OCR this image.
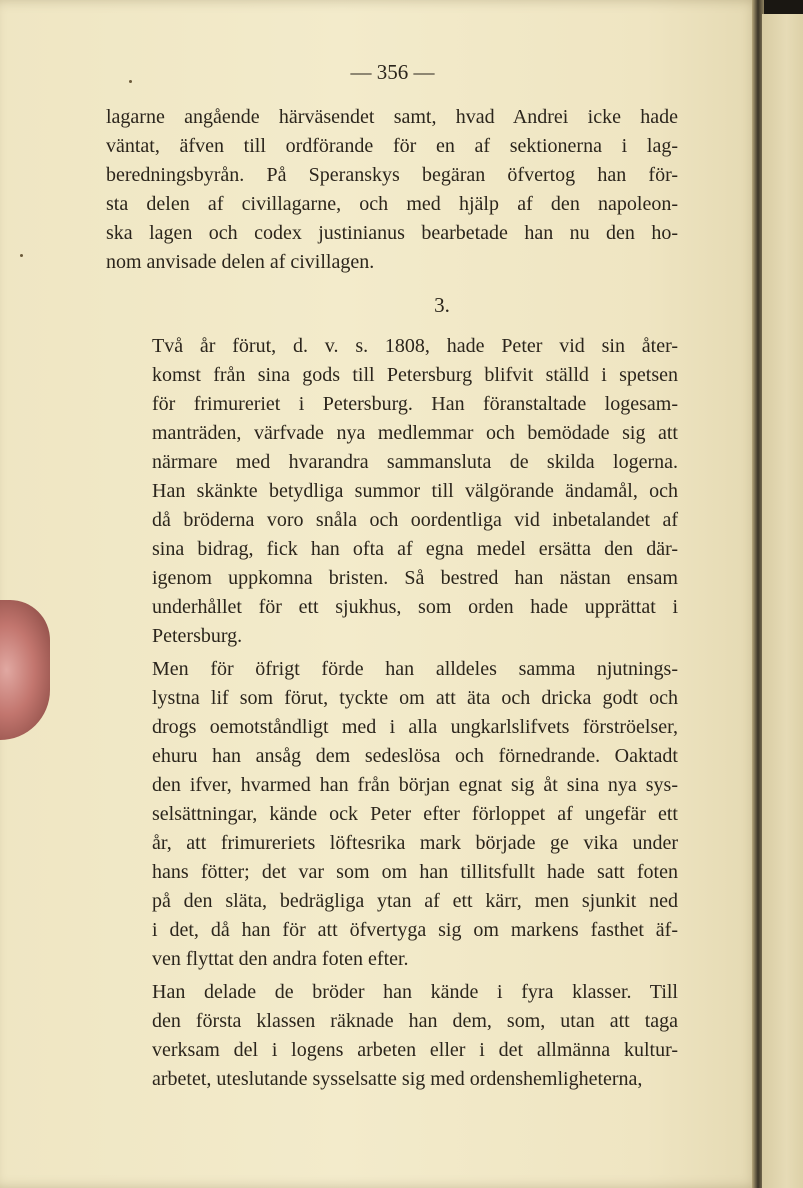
— 356 —

lagarne angående härväsendet samt, hvad Andrei icke hade
väntat, äfven till ordförande för en af sektionerna i lag-
beredningsbyrån. På Speranskys begäran öfvertog han för-
sta delen af civillagarne, och med hjälp af den napoleon-
ska lagen och codex justinianus bearbetade han nu den ho-
nom anvisade delen af civillagen.

3.

Två år förut, d. v. s. 1808, hade Peter vid sin åter-
komst från sina gods till Petersburg blifvit ställd i spetsen
för frimureriet i Petersburg. Han föranstaltade logesam-
manträden, värfvade nya medlemmar och bemödade sig att
närmare med hvarandra sammansluta de skilda logerna.
Han skänkte betydliga summor till välgörande ändamål, och
då bröderna voro snåla och oordentliga vid inbetalandet af
sina bidrag, fick han ofta af egna medel ersätta den där-
igenom uppkomna bristen. Så bestred han nästan ensam
underhållet för ett sjukhus, som orden hade upprättat i
Petersburg.

Men för öfrigt förde han alldeles samma njutnings-
lystna lif som förut, tyckte om att äta och dricka godt och
drogs oemotståndligt med i alla ungkarlslifvets förströelser,
ehuru han ansåg dem sedeslösa och förnedrande. Oaktadt
den ifver, hvarmed han från början egnat sig åt sina nya sys-
selsättningar, kände ock Peter efter förloppet af ungefär ett
år, att frimureriets löftesrika mark började ge vika under
hans fötter; det var som om han tillitsfullt hade satt foten
på den släta, bedrägliga ytan af ett kärr, men sjunkit ned
i det, då han för att öfvertyga sig om markens fasthet äf-
ven flyttat den andra foten efter.

Han delade de bröder han kände i fyra klasser. Till
den första klassen räknade han dem, som, utan att taga
verksam del i logens arbeten eller i det allmänna kultur-
arbetet, uteslutande sysselsatte sig med ordenshemligheterna,
